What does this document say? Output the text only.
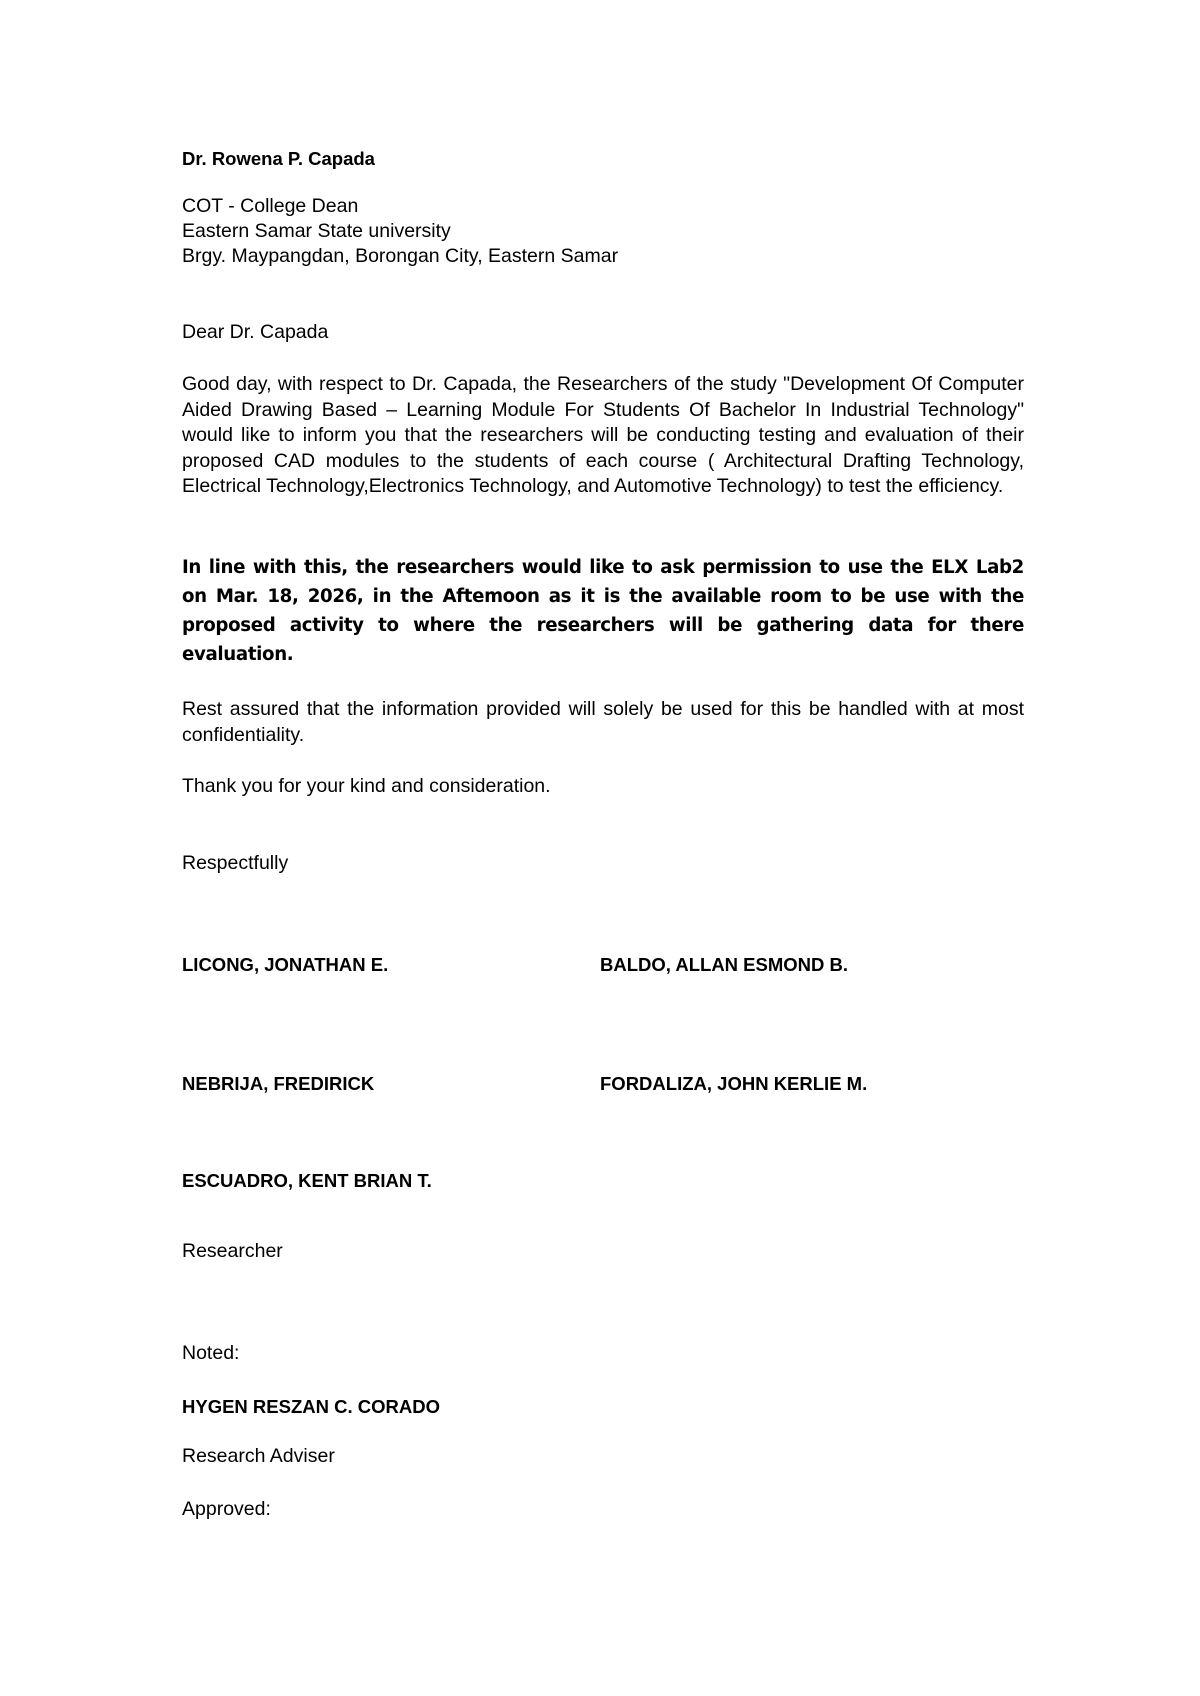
Dr. Rowena P. Capada
COT - College Dean
Eastern Samar State university
Brgy. Maypangdan, Borongan City, Eastern Samar
Dear Dr. Capada
Good day, with respect to Dr. Capada, the Researchers of the study "Development Of Computer Aided Drawing Based – Learning Module For Students Of Bachelor In Industrial Technology" would like to inform you that the researchers will be conducting testing and evaluation of their proposed CAD modules to the students of each course ( Architectural Drafting Technology, Electrical Technology,Electronics Technology, and Automotive Technology) to test the efficiency.
In line with this, the researchers would like to ask permission to use the ELX Lab2 on Mar. 18, 2026, in the Aftemoon as it is the available room to be use with the proposed activity to where the researchers will be gathering data for there evaluation.
Rest assured that the information provided will solely be used for this be handled with at most confidentiality.
Thank you for your kind and consideration.
Respectfully
LICONG, JONATHAN E.	BALDO, ALLAN ESMOND B.
NEBRIJA, FREDIRICK	FORDALIZA, JOHN KERLIE M.
ESCUADRO, KENT BRIAN T.
Researcher
Noted:
HYGEN RESZAN C. CORADO
Research Adviser
Approved:
